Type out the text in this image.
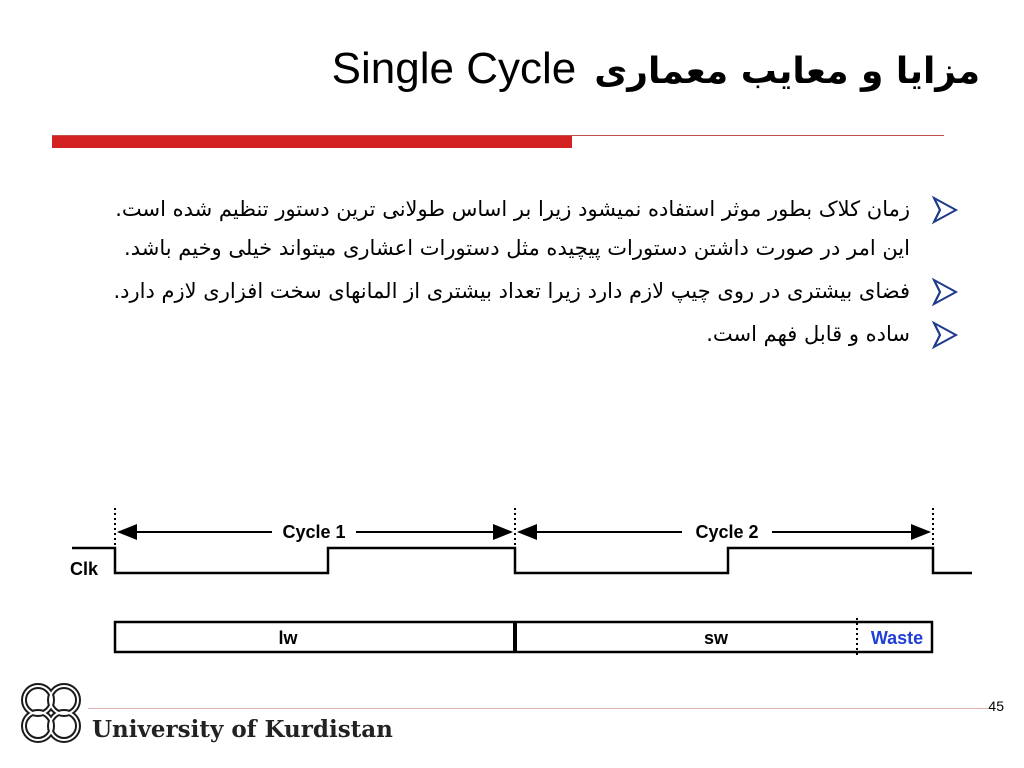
Single Cycle مزایا و معایب معماری
زمان کلاک بطور موثر استفاده نمیشود زیرا بر اساس طولانی ترین دستور تنظیم شده است. این امر در صورت داشتن دستورات پیچیده مثل دستورات اعشاری میتواند خیلی وخیم باشد.
فضای بیشتری در روی چیپ لازم دارد زیرا تعداد بیشتری از المانهای سخت افزاری لازم دارد.
ساده و قابل فهم است.
Cycle 1	Cycle 2
Clk
lw	sw	Waste
University of Kurdistan
45
